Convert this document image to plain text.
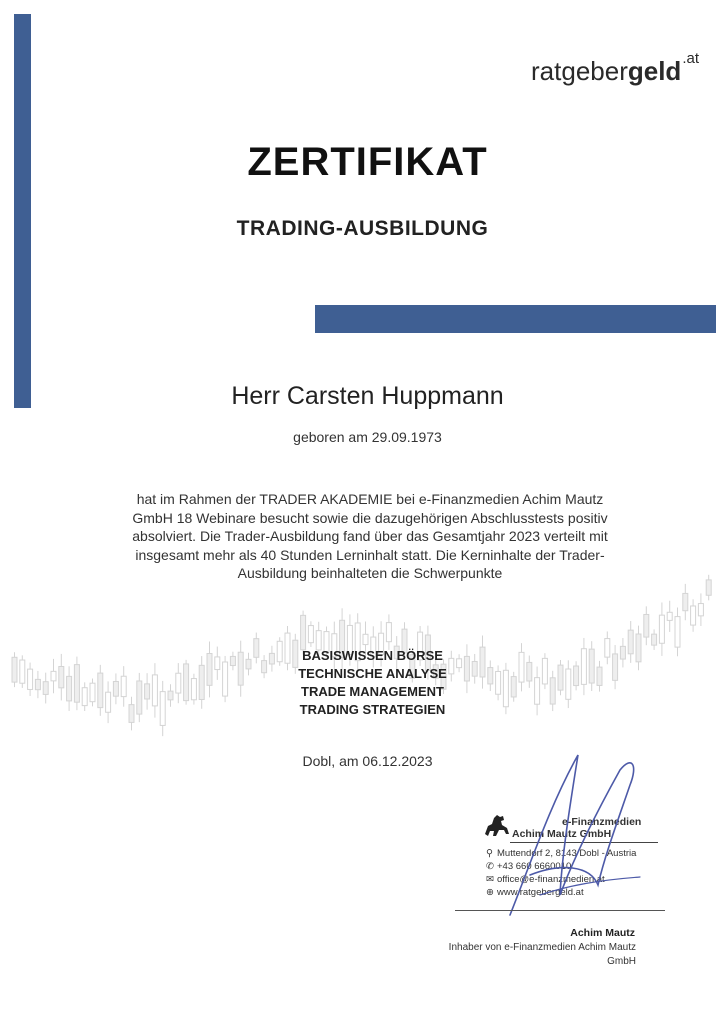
ratgebergeld$^{.at}$
ZERTIFIKAT
TRADING-AUSBILDUNG
Herr Carsten Huppmann
geboren am 29.09.1973
hat im Rahmen der TRADER AKADEMIE bei e-Finanzmedien Achim Mautz GmbH 18 Webinare besucht sowie die dazugehörigen Abschlusstests positiv absolviert. Die Trader-Ausbildung fand über das Gesamtjahr 2023 verteilt mit insgesamt mehr als 40 Stunden Lerninhalt statt. Die Kerninhalte der Trader-Ausbildung beinhalteten die Schwerpunkte
BASISWISSEN BÖRSE
TECHNISCHE ANALYSE
TRADE MANAGEMENT
TRADING STRATEGIEN
Dobl, am 06.12.2023
e-Finanzmedien
Achim Mautz GmbH
⚲ Muttendorf 2, 8143 Dobl - Austria
✆ +43 660 6660010
✉ office@e-finanzmedien.at
⊕ www.ratgebergeld.at
Achim Mautz
Inhaber von e-Finanzmedien Achim Mautz GmbH
